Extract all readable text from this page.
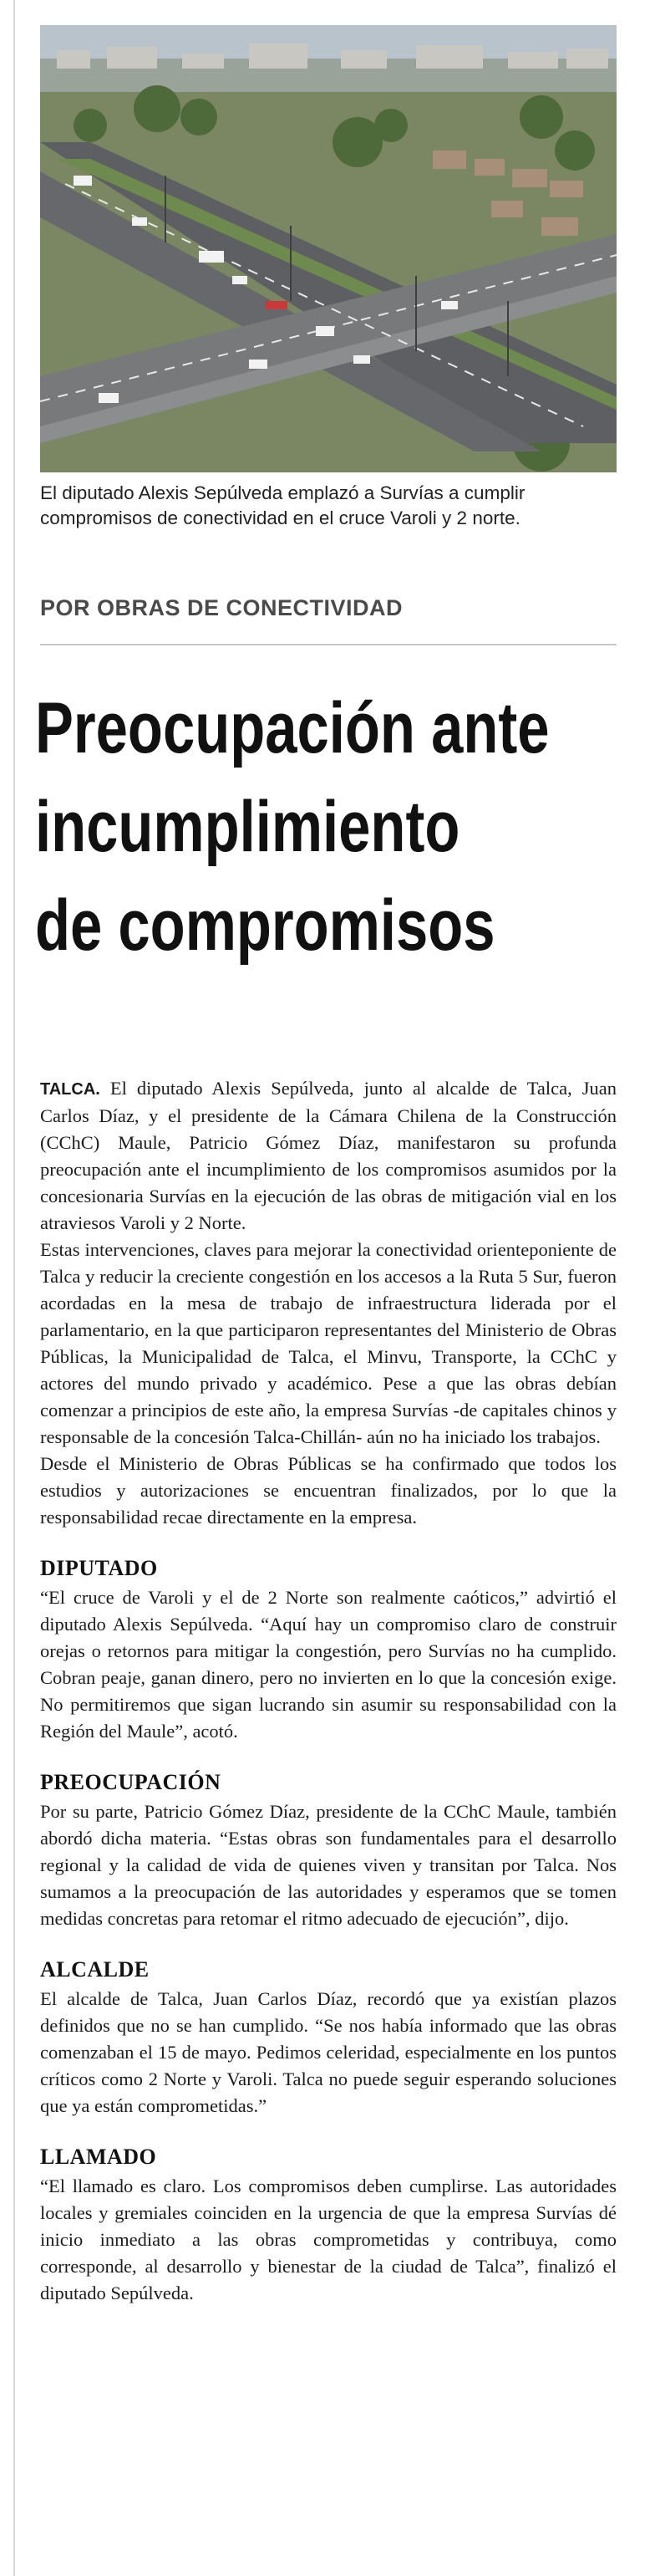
El diputado Alexis Sepúlveda emplazó a Survías a cumplir compromisos de conectividad en el cruce Varoli y 2 norte.
POR OBRAS DE CONECTIVIDAD
Preocupación ante
incumplimiento
de compromisos

TALCA. El diputado Alexis Sepúlveda, junto al alcalde de Talca, Juan Carlos Díaz, y el presidente de la Cámara Chilena de la Construcción (CChC) Maule, Patricio Gómez Díaz, manifestaron su profunda preocupación ante el incumplimiento de los compromisos asumidos por la concesionaria Survías en la ejecución de las obras de mitigación vial en los atraviesos Varoli y 2 Norte.

Estas intervenciones, claves para mejorar la conectividad orienteponiente de Talca y reducir la creciente congestión en los accesos a la Ruta 5 Sur, fueron acordadas en la mesa de trabajo de infraestructura liderada por el parlamentario, en la que participaron representantes del Ministerio de Obras Públicas, la Municipalidad de Talca, el Minvu, Transporte, la CChC y actores del mundo privado y académico. Pese a que las obras debían comenzar a principios de este año, la empresa Survías -de capitales chinos y responsable de la concesión Talca-Chillán- aún no ha iniciado los trabajos.

Desde el Ministerio de Obras Públicas se ha confirmado que todos los estudios y autorizaciones se encuentran finalizados, por lo que la responsabilidad recae directamente en la empresa.

DIPUTADO

“El cruce de Varoli y el de 2 Norte son realmente caóticos,” advirtió el diputado Alexis Sepúlveda. “Aquí hay un compromiso claro de construir orejas o retornos para mitigar la congestión, pero Survías no ha cumplido. Cobran peaje, ganan dinero, pero no invierten en lo que la concesión exige. No permitiremos que sigan lucrando sin asumir su responsabilidad con la Región del Maule”, acotó.

PREOCUPACIÓN

Por su parte, Patricio Gómez Díaz, presidente de la CChC Maule, también abordó dicha materia. “Estas obras son fundamentales para el desarrollo regional y la calidad de vida de quienes viven y transitan por Talca. Nos sumamos a la preocupación de las autoridades y esperamos que se tomen medidas concretas para retomar el ritmo adecuado de ejecución”, dijo.

ALCALDE

El alcalde de Talca, Juan Carlos Díaz, recordó que ya existían plazos definidos que no se han cumplido. “Se nos había informado que las obras comenzaban el 15 de mayo. Pedimos celeridad, especialmente en los puntos críticos como 2 Norte y Varoli. Talca no puede seguir esperando soluciones que ya están comprometidas.”

LLAMADO

“El llamado es claro. Los compromisos deben cumplirse. Las autoridades locales y gremiales coinciden en la urgencia de que la empresa Survías dé inicio inmediato a las obras comprometidas y contribuya, como corresponde, al desarrollo y bienestar de la ciudad de Talca”, finalizó el diputado Sepúlveda.
